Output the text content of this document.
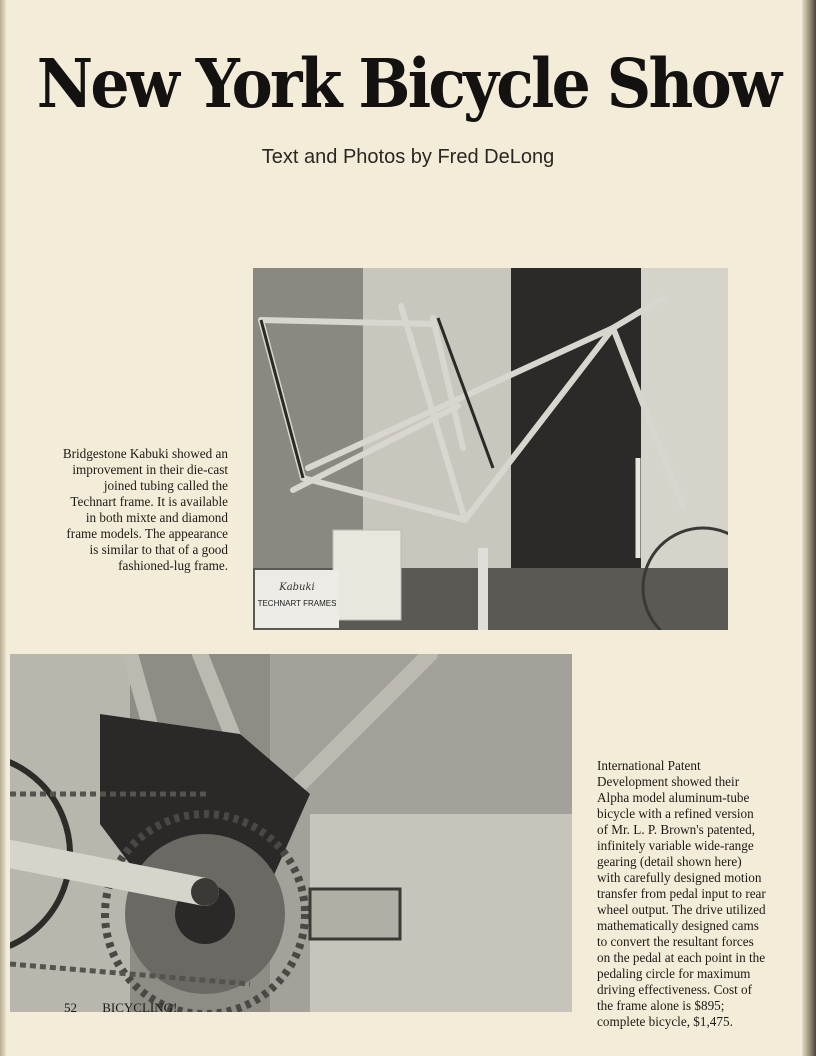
New York Bicycle Show
Text and Photos by Fred DeLong
Kabuki
TECHNART FRAMES
Bridgestone Kabuki showed an improvement in their die-cast joined tubing called the Technart frame. It is available in both mixte and diamond frame models. The appearance is similar to that of a good fashioned-lug frame.
International Patent Development showed their Alpha model aluminum-tube bicycle with a refined version of Mr. L. P. Brown's patented, infinitely variable wide-range gearing (detail shown here) with carefully designed motion transfer from pedal input to rear wheel output. The drive utilized mathematically designed cams to convert the resultant forces on the pedal at each point in the pedaling circle for maximum driving effectiveness. Cost of the frame alone is $895; complete bicycle, $1,475.
52 BICYCLING!
